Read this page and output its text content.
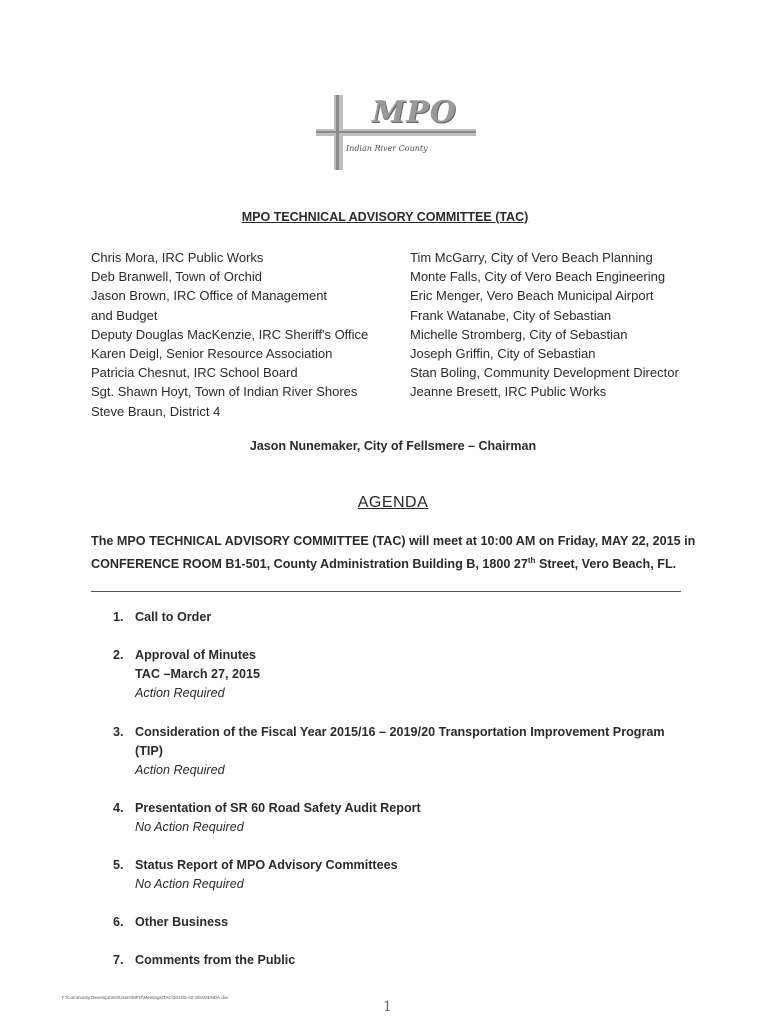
MPO
Indian River County
MPO TECHNICAL ADVISORY COMMITTEE (TAC)
Chris Mora, IRC Public Works
Deb Branwell, Town of Orchid
Jason Brown, IRC Office of Management
and Budget
Deputy Douglas MacKenzie, IRC Sheriff's Office
Karen Deigl, Senior Resource Association
Patricia Chesnut, IRC School Board
Sgt. Shawn Hoyt, Town of Indian River Shores
Steve Braun, District 4
Tim McGarry, City of Vero Beach Planning
Monte Falls, City of Vero Beach Engineering
Eric Menger, Vero Beach Municipal Airport
Frank Watanabe, City of Sebastian
Michelle Stromberg, City of Sebastian
Joseph Griffin, City of Sebastian
Stan Boling, Community Development Director
Jeanne Bresett, IRC Public Works
Jason Nunemaker, City of Fellsmere – Chairman
AGENDA
The MPO TECHNICAL ADVISORY COMMITTEE (TAC) will meet at 10:00 AM on Friday, MAY 22, 2015 in CONFERENCE ROOM B1-501, County Administration Building B, 1800 27th Street, Vero Beach, FL.
1. Call to Order
2. Approval of Minutes
TAC –March 27, 2015
Action Required
3. Consideration of the Fiscal Year 2015/16 – 2019/20 Transportation Improvement Program (TIP)
Action Required
4. Presentation of SR 60 Road Safety Audit Report
No Action Required
5. Status Report of MPO Advisory Committees
No Action Required
6. Other Business
7. Comments from the Public
F:\Community Development\Users\MPO\Meetings\TAC\2015\5-22-15\AGENDA.doc
1
